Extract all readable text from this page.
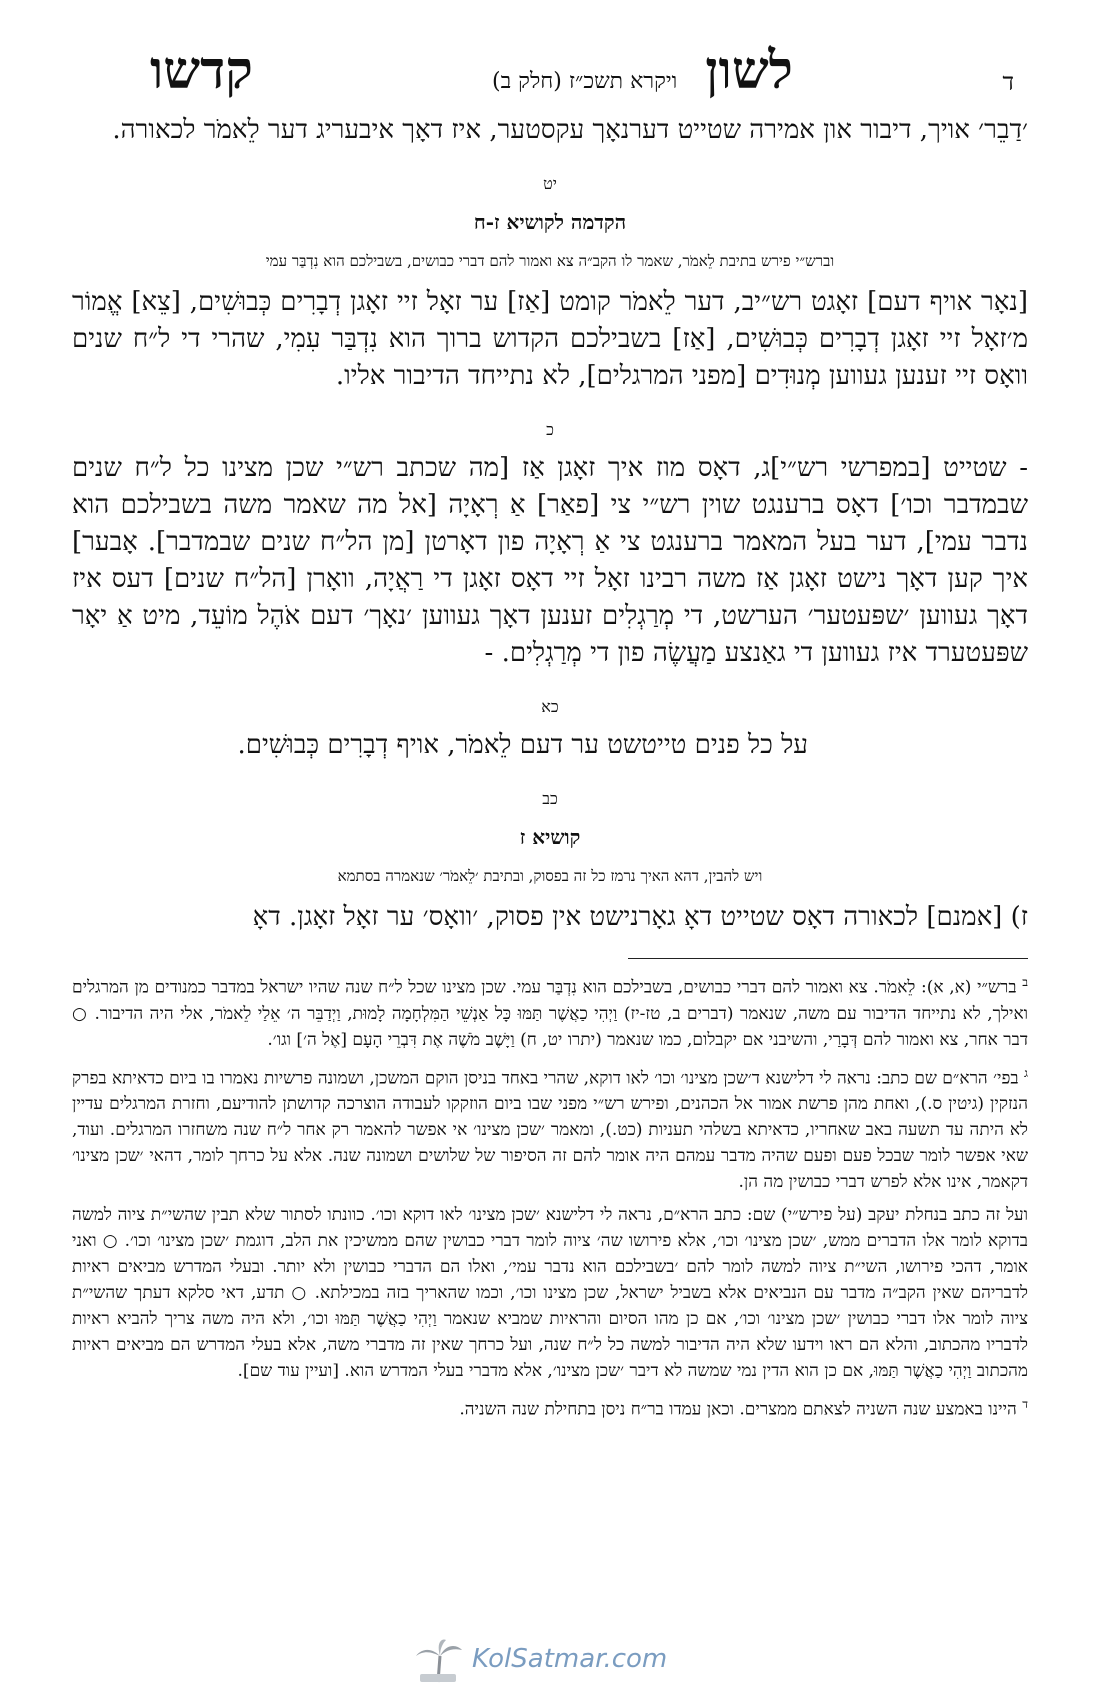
ד
לשון
ויקרא תשכ״ז (חלק ב)
קדשו

׳דַבֵר׳ אויך, דיבור און אמירה שטייט דערנאָך עקסטער, איז דאָך איבעריג דער לֵאמֹר לכאורה.

יט
הקדמה לקושיא ז-ח
וברש״י פירש בתיבת לֵאמֹר, שאמר לו הקב״ה צא ואמור להם דברי כבושים, בשבילכם הוא נִדְבַּר עמי

[נאָר אויף דעם] זאָגט רש״יב, דער לֵאמֹר קומט [אַז] ער זאָל זיי זאָגן דְבָרִים כְּבוּשִׁים, [צֵא] אֱמוֹר מ׳זאָל זיי זאָגן דְבָרִים כְּבוּשִׁים, [אַז] בשבילכם הקדוש ברוך הוא נִדְבַּר עִמִי, שהרי די ל״ח שנים וואָס זיי זענען געווען מְנוּדִים [מפני המרגלים], לא נתייחד הדיבור אליו.

כ

- שטייט [במפרשי רש״י]ג, דאָס מוז איך זאָגן אַז [מה שכתב רש״י שכן מצינו כל ל״ח שנים שבמדבר וכו׳] דאָס ברענגט שוין רש״י צי [פאַר] אַ רְאָיָה [אל מה שאמר משה בשבילכם הוא נדבר עמי], דער בעל המאמר ברענגט צי אַ רְאָיָה פון דאָרטן [מן הל״ח שנים שבמדבר]. אָבער] איך קען דאָך נישט זאָגן אַז משה רבינו זאָל זיי דאָס זאָגן די רַאֲיָה, וואָרן [הל״ח שנים] דעס איז דאָך געווען ׳שפּעטער׳ הערשט, די מְרַגְלִים זענען דאָך געווען ׳נאָך׳ דעם אֹהֶל מוֹעֵד, מיט אַ יאָר שפּעטערד איז געווען די גאַנצע מַעֲשֶׂה פון די מְרַגְלִים. -

כא

על כל פנים טייטשט ער דעם לֵאמֹר, אויף דְבָרִים כְּבוּשִׁים.

כב
קושיא ז
ויש להבין, דהא האיך נרמז כל זה בפסוק, ובתיבת ׳לֵאמֹר׳ שנאמרה בסתמא

ז) [אמנם] לכאורה דאָס שטייט דאָ גאָרנישט אין פסוק, ׳וואָס׳ ער זאָל זאָגן. דאָ

$^ב$ ברש״י (א, א): לֵאמֹר. צא ואמור להם דברי כבושים, בשבילכם הוא נִדְבַּר עמי. שכן מצינו שכל ל״ח שנה שהיו ישראל במדבר כמנודים מן המרגלים ואילך, לא נתייחד הדיבור עם משה, שנאמר (דברים ב, טז-יז) וַיְהִי כַאֲשֶׁר תַּמּוּ כָּל אַנְשֵׁי הַמִּלְחָמָה לָמוּת, וַיְדַבֵּר ה׳ אֵלַי לֵאמֹר, אלי היה הדיבור. ○ דבר אחר, צא ואמור להם דְּבָרַי, והשיבני אם יקבלום, כמו שנאמר (יתרו יט, ח) וַיָּשֶׁב מֹשֶׁה אֶת דִּבְרֵי הָעָם [אֶל ה׳] וגו׳.

$^ג$ בפי׳ הרא״ם שם כתב: נראה לי דלישנא ד׳שכן מצינו׳ וכו׳ לאו דוקא, שהרי באחד בניסן הוקם המשכן, ושמונה פרשיות נאמרו בו ביום כדאיתא בפרק הנזקין (גיטין ס.), ואחת מהן פרשת אמור אל הכהנים, ופירש רש״י מפני שבו ביום הוזקקו לעבודה הוצרכה קדושתן להודיעם, וחזרת המרגלים עדיין לא היתה עד תשעה באב שאחריו, כדאיתא בשלהי תעניות (כט.), ומאמר ׳שכן מצינו׳ אי אפשר להאמר רק אחר ל״ח שנה משחזרו המרגלים. ועוד, שאי אפשר לומר שבכל פעם ופעם שהיה מדבר עמהם היה אומר להם זה הסיפור של שלושים ושמונה שנה. אלא על כרחך לומר, דהאי ׳שכן מצינו׳ דקאמר, אינו אלא לפרש דברי כבושין מה הן.

ועל זה כתב בנחלת יעקב (על פירש״י) שם: כתב הרא״ם, נראה לי דלישנא ׳שכן מצינו׳ לאו דוקא וכו׳. כוונתו לסתור שלא תבין שהשי״ת ציוה למשה בדוקא לומר אלו הדברים ממש, ׳שכן מצינו׳ וכו׳, אלא פירושו שה׳ ציוה לומר דברי כבושין שהם ממשיכין את הלב, דוגמת ׳שכן מצינו׳ וכו׳. ○ ואני אומר, דהכי פירושו, השי״ת ציוה למשה לומר להם ׳בשבילכם הוא נדבר עמי׳, ואלו הם הדברי כבושין ולא יותר. ובעלי המדרש מביאים ראיות לדבריהם שאין הקב״ה מדבר עם הנביאים אלא בשביל ישראל, שכן מצינו וכו׳, וכמו שהאריך בזה במכילתא. ○ תדע, דאי סלקא דעתך שהשי״ת ציוה לומר אלו דברי כבושין ׳שכן מצינו׳ וכו׳, אם כן מהו הסיום והראיות שמביא שנאמר וַיְהִי כַאֲשֶׁר תַּמּוּ וכו׳, ולא היה משה צריך להביא ראיות לדבריו מהכתוב, והלא הם ראו וידעו שלא היה הדיבור למשה כל ל״ח שנה, ועל כרחך שאין זה מדברי משה, אלא בעלי המדרש הם מביאים ראיות מהכתוב וַיְהִי כַאֲשֶׁר תַּמּוּ, אם כן הוא הדין נמי שמשה לא דיבר ׳שכן מצינו׳, אלא מדברי בעלי המדרש הוא. [ועיין עוד שם].

$^ד$ היינו באמצע שנה השניה לצאתם ממצרים. וכאן עמדו בר״ח ניסן בתחילת שנה השניה.

KolSatmar.com
